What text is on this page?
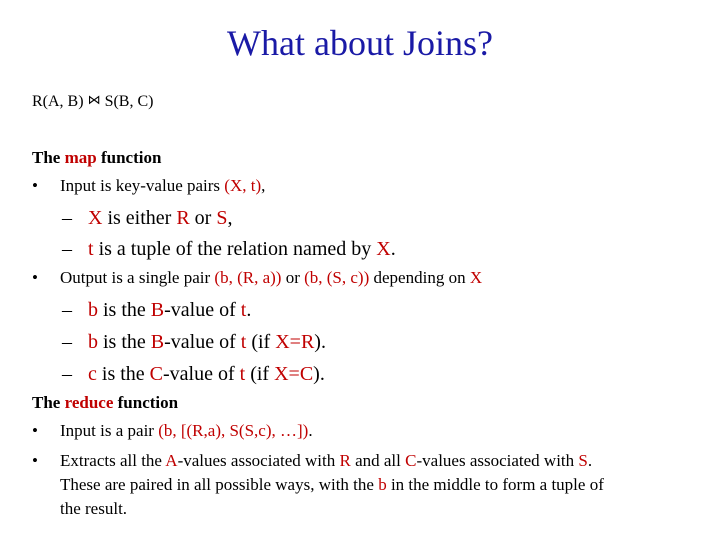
What about Joins?
R(A, B) ⋈ S(B, C)
The map function
• Input is key-value pairs (X, t),
– X is either R or S,
– t is a tuple of the relation named by X.
• Output is a single pair (b, (R, a)) or (b, (S, c)) depending on X
– b is the B-value of t.
– b is the B-value of t (if X=R).
– c is the C-value of t (if X=C).
The reduce function
• Input is a pair (b, [(R,a), S(S,c), …]).
• Extracts all the A-values associated with R and all C-values associated with S.
These are paired in all possible ways, with the b in the middle to form a tuple of
the result.
